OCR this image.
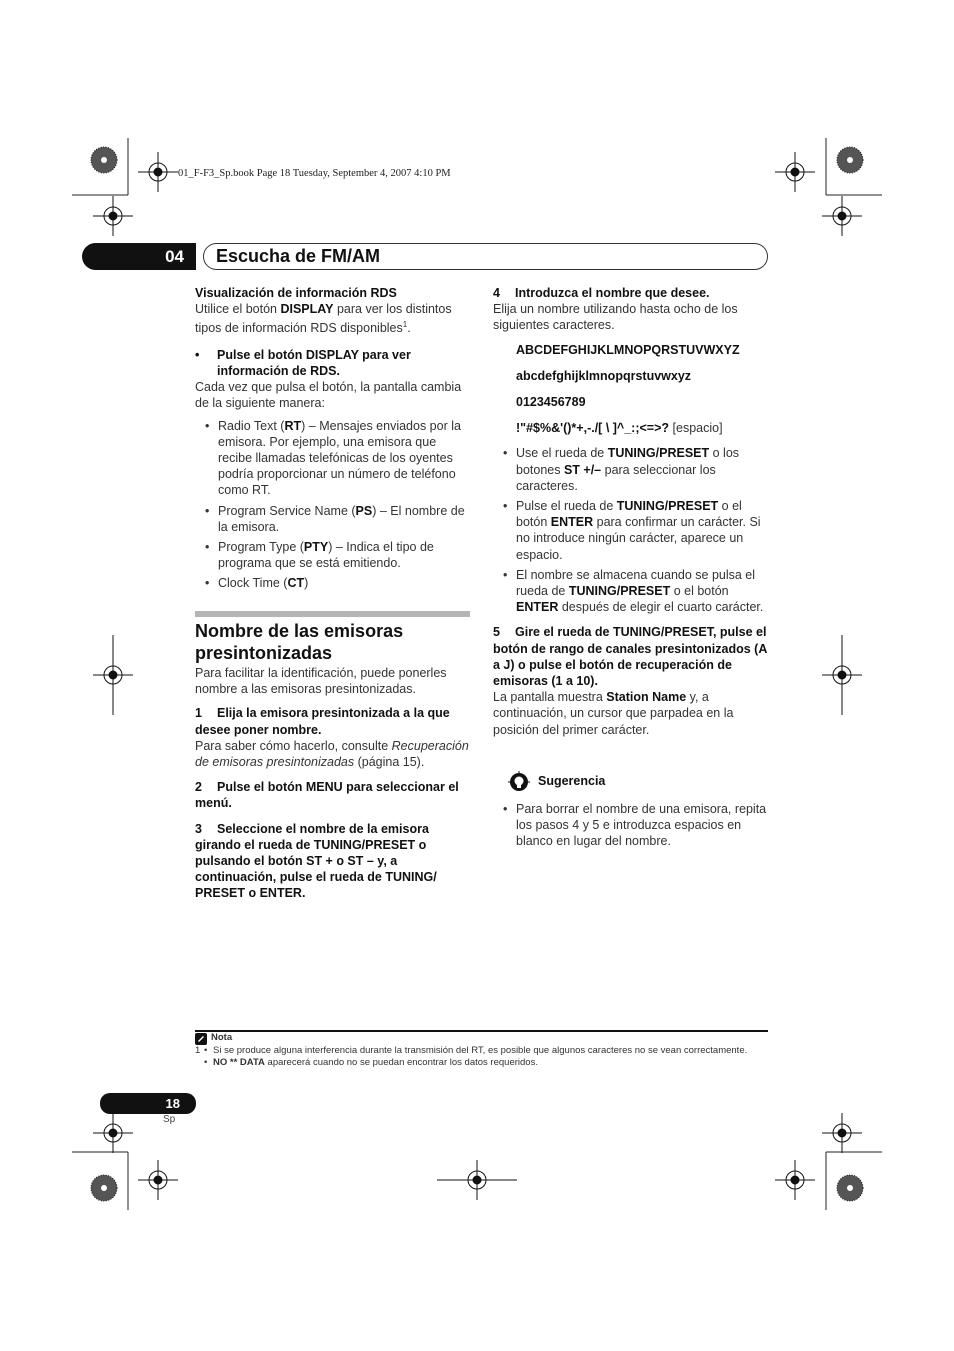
01_F-F3_Sp.book Page 18 Tuesday, September 4, 2007 4:10 PM
04	Escucha de FM/AM
Visualización de información RDS
Utilice el botón DISPLAY para ver los distintos tipos de información RDS disponibles$^1$.
• Pulse el botón DISPLAY para ver información de RDS.
Cada vez que pulsa el botón, la pantalla cambia de la siguiente manera:
• Radio Text (RT) – Mensajes enviados por la emisora. Por ejemplo, una emisora que recibe llamadas telefónicas de los oyentes podría proporcionar un número de teléfono como RT.
• Program Service Name (PS) – El nombre de la emisora.
• Program Type (PTY) – Indica el tipo de programa que se está emitiendo.
• Clock Time (CT)
Nombre de las emisoras presintonizadas
Para facilitar la identificación, puede ponerles nombre a las emisoras presintonizadas.
1 Elija la emisora presintonizada a la que desee poner nombre.
Para saber cómo hacerlo, consulte Recuperación de emisoras presintonizadas (página 15).
2 Pulse el botón MENU para seleccionar el menú.
3 Seleccione el nombre de la emisora girando el rueda de TUNING/PRESET o pulsando el botón ST + o ST – y, a continuación, pulse el rueda de TUNING/ PRESET o ENTER.
4 Introduzca el nombre que desee.
Elija un nombre utilizando hasta ocho de los siguientes caracteres.
ABCDEFGHIJKLMNOPQRSTUVWXYZ
abcdefghijklmnopqrstuvwxyz
0123456789
!"#$%&'()*+,-./[ \ ]^_:;<=>? [espacio]
• Use el rueda de TUNING/PRESET o los botones ST +/– para seleccionar los caracteres.
• Pulse el rueda de TUNING/PRESET o el botón ENTER para confirmar un carácter. Si no introduce ningún carácter, aparece un espacio.
• El nombre se almacena cuando se pulsa el rueda de TUNING/PRESET o el botón ENTER después de elegir el cuarto carácter.
5 Gire el rueda de TUNING/PRESET, pulse el botón de rango de canales presintonizados (A a J) o pulse el botón de recuperación de emisoras (1 a 10).
La pantalla muestra Station Name y, a continuación, un cursor que parpadea en la posición del primer carácter.
Sugerencia
• Para borrar el nombre de una emisora, repita los pasos 4 y 5 e introduzca espacios en blanco en lugar del nombre.
Nota
1 • Si se produce alguna interferencia durante la transmisión del RT, es posible que algunos caracteres no se vean correctamente.
• NO ** DATA aparecerá cuando no se puedan encontrar los datos requeridos.
18
Sp
